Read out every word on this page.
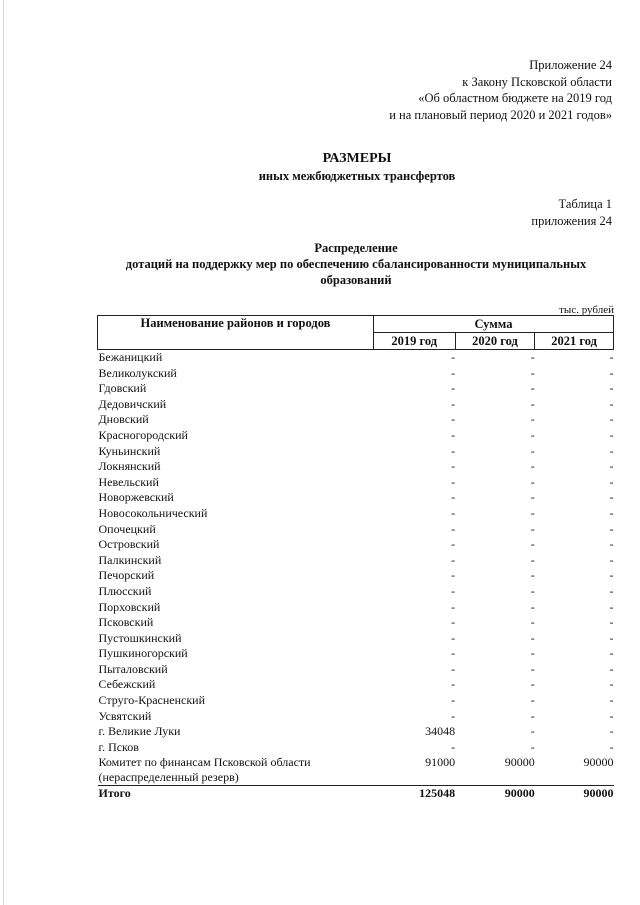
Приложение 24
к Закону Псковской области
«Об областном бюджете на 2019 год
и на плановый период 2020 и 2021 годов»
РАЗМЕРЫ
иных межбюджетных трансфертов
Таблица 1
приложения 24
Распределение
дотаций на поддержку мер по обеспечению сбалансированности муниципальных
образований
тыс. рублей
Наименование районов и городов	Сумма		
	2019 год	2020 год	2021 год
Бежаницкий	-	-	-
Великолукский	-	-	-
Гдовский	-	-	-
Дедовичский	-	-	-
Дновский	-	-	-
Красногородский	-	-	-
Куньинский	-	-	-
Локнянский	-	-	-
Невельский	-	-	-
Новоржевский	-	-	-
Новосокольнический	-	-	-
Опочецкий	-	-	-
Островский	-	-	-
Палкинский	-	-	-
Печорский	-	-	-
Плюсский	-	-	-
Порховский	-	-	-
Псковский	-	-	-
Пустошкинский	-	-	-
Пушкиногорский	-	-	-
Пыталовский	-	-	-
Себежский	-	-	-
Струго-Красненский	-	-	-
Усвятский	-	-	-
г. Великие Луки	34048	-	-
г. Псков	-	-	-

Комитет по финансам Псковской области
(нераспределенный резерв)	91000	90000	90000
Итого	125048	90000	90000
